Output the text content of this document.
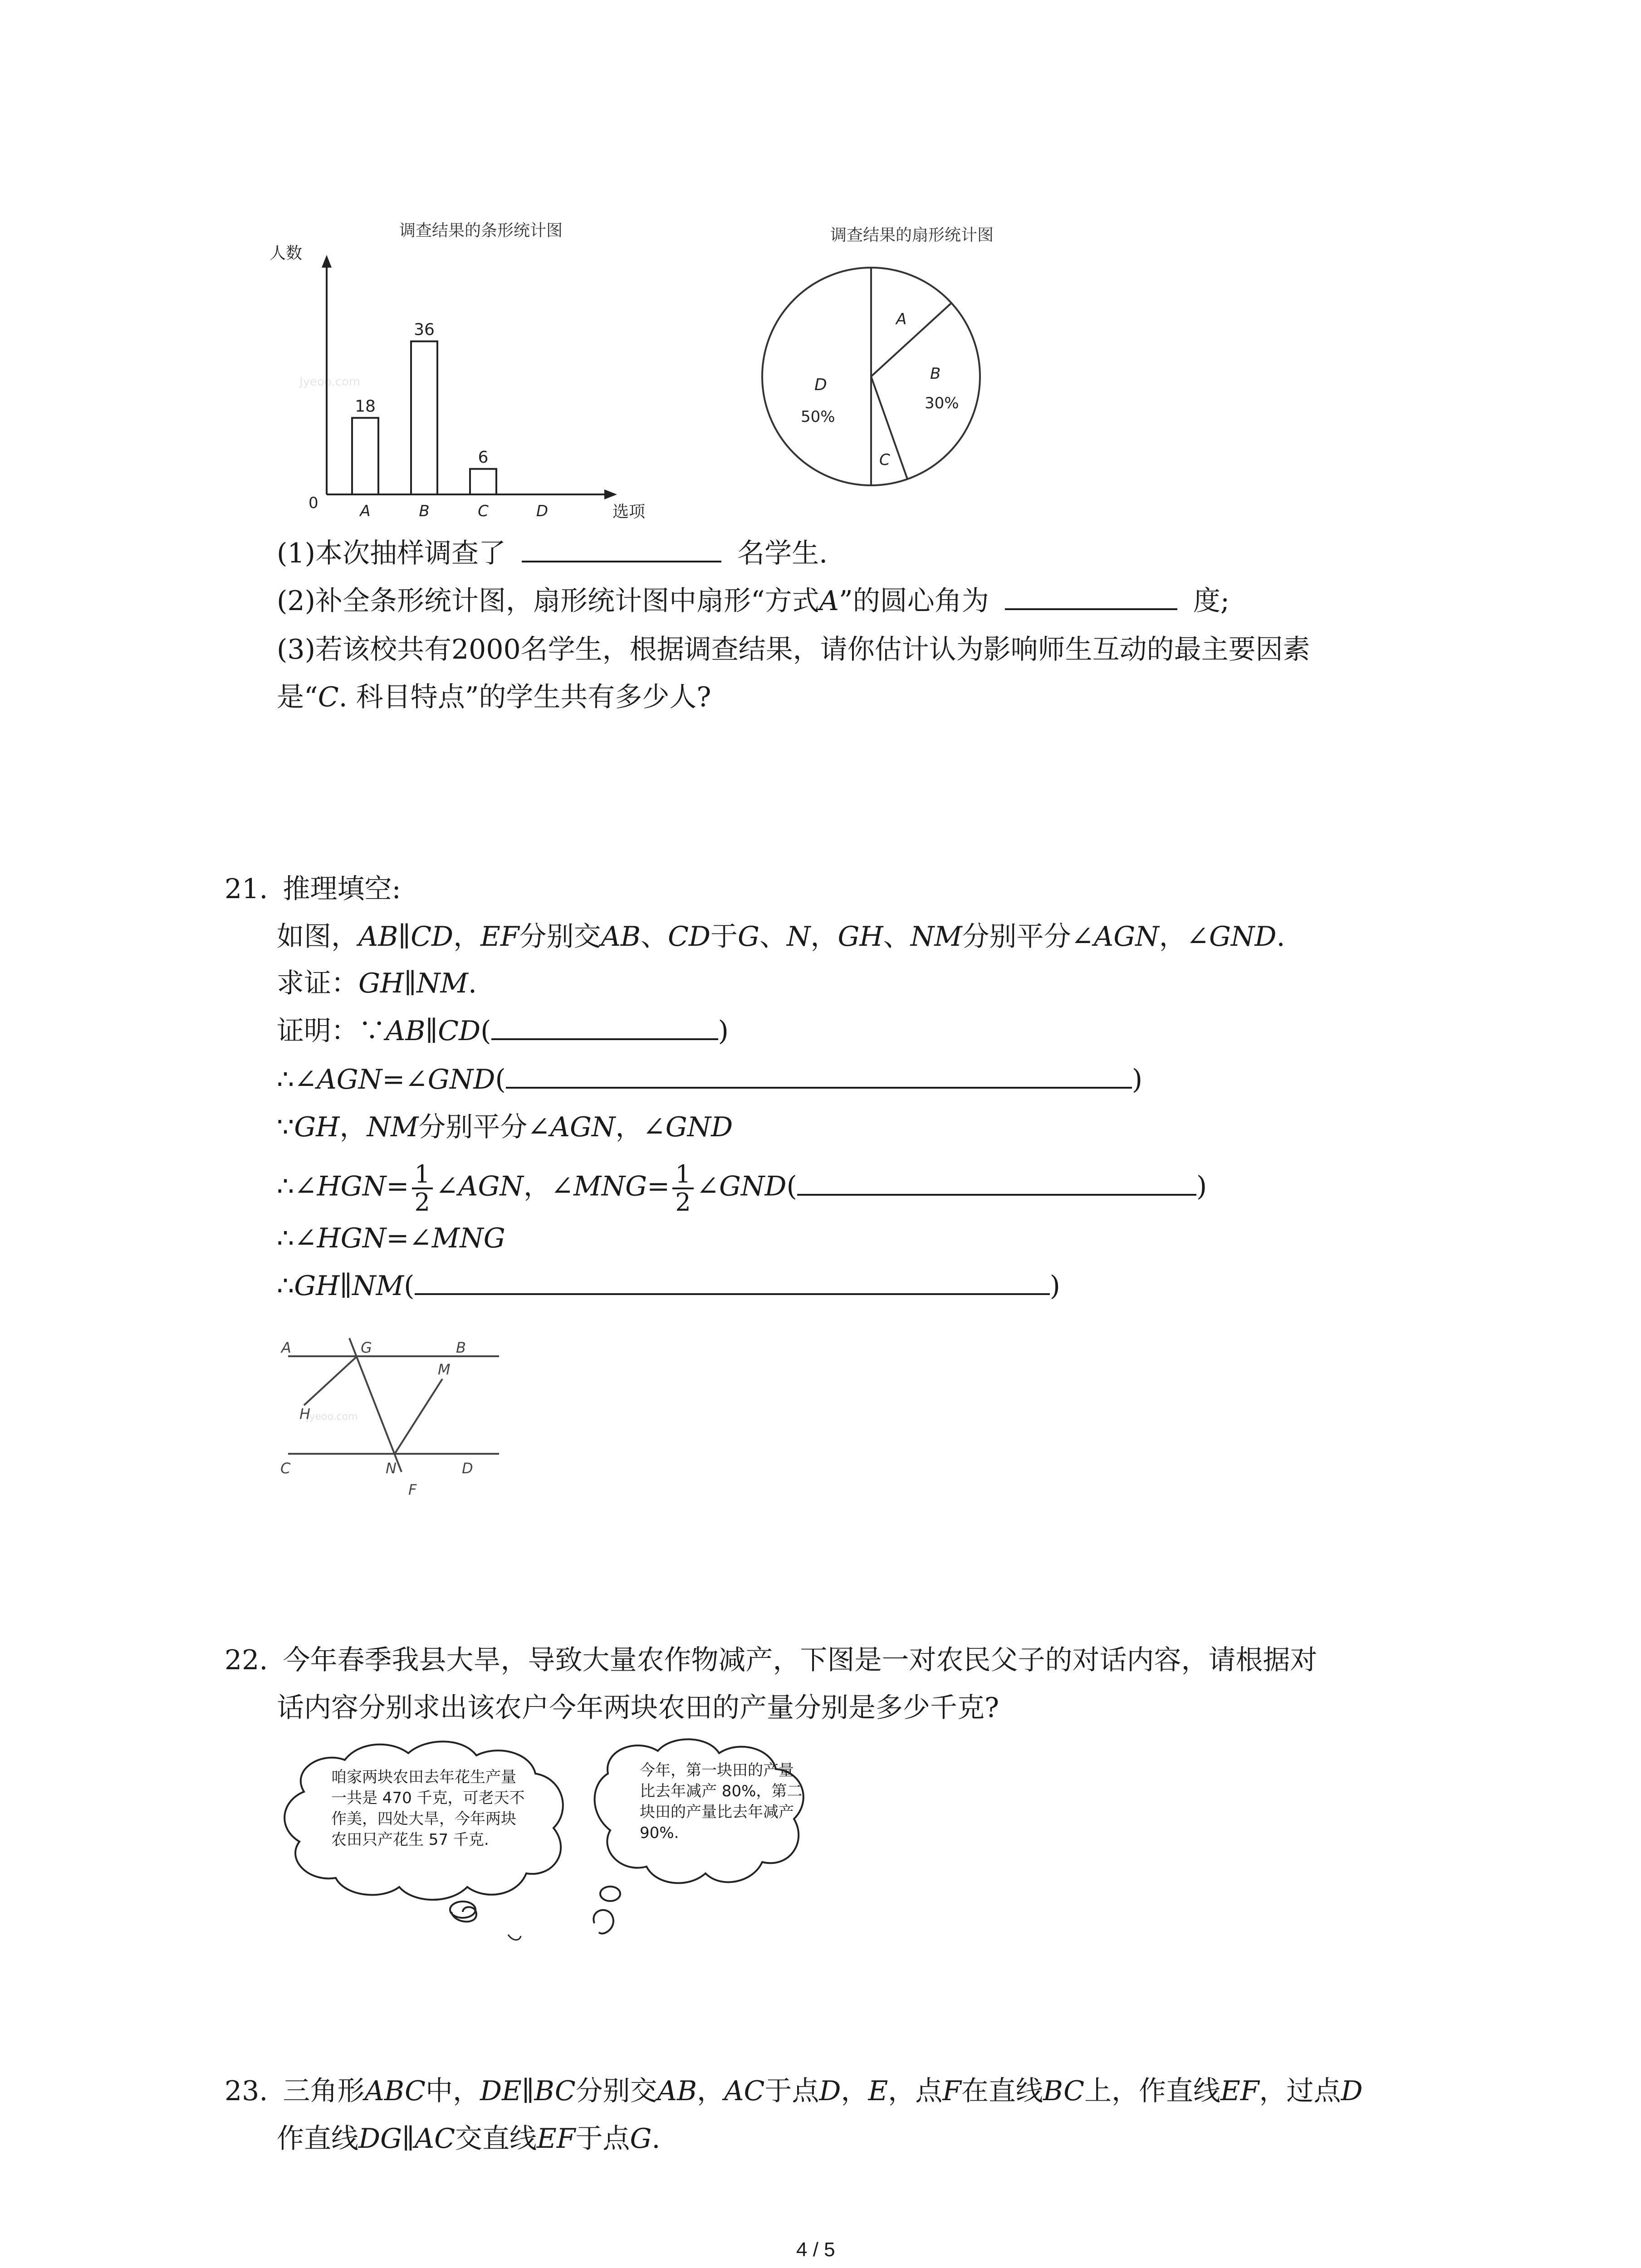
调查结果的条形统计图
人数
Jyeoo.com
0	选项
18
A
36
B
6
C	D
调查结果的扇形统计图
A
B
30%
C
D
50%
(1)本次抽样调查了	名学生.
(2)补全条形统计图，扇形统计图中扇形“方式A”的圆心角为	度;
(3)若该校共有2000名学生，根据调查结果，请你估计认为影响师生互动的最主要因素
是“C. 科目特点”的学生共有多少人?
21. 推理填空:
如图，AB∥CD，EF分别交AB、CD于G、N，GH、NM分别平分∠AGN，∠GND.
求证：GH∥NM.
证明：∵AB∥CD(	)
∴∠AGN=∠GND(	)
∵GH，NM分别平分∠AGN，∠GND
∴∠HGN= $\frac{1}{2}$ ∠AGN，∠MNG= $\frac{1}{2}$ ∠GND(	)
∴∠HGN=∠MNG
∴GH∥NM(	)
Jyeoo.com
A	G	B
M
H
C	N	D
F
22. 今年春季我县大旱，导致大量农作物减产，下图是一对农民父子的对话内容，请根据对
话内容分别求出该农户今年两块农田的产量分别是多少千克?
咱家两块农田去年花生产量一共是 470 千克，可老天不作美，四处大旱，今年两块农田只产花生 57 千克.
今年，第一块田的产量比去年减产 80%，第二块田的产量比去年减产 90%.
23. 三角形ABC中，DE∥BC分别交AB，AC于点D，E，点F在直线BC上，作直线EF，过点D
作直线DG∥AC交直线EF于点G.
4 / 5
